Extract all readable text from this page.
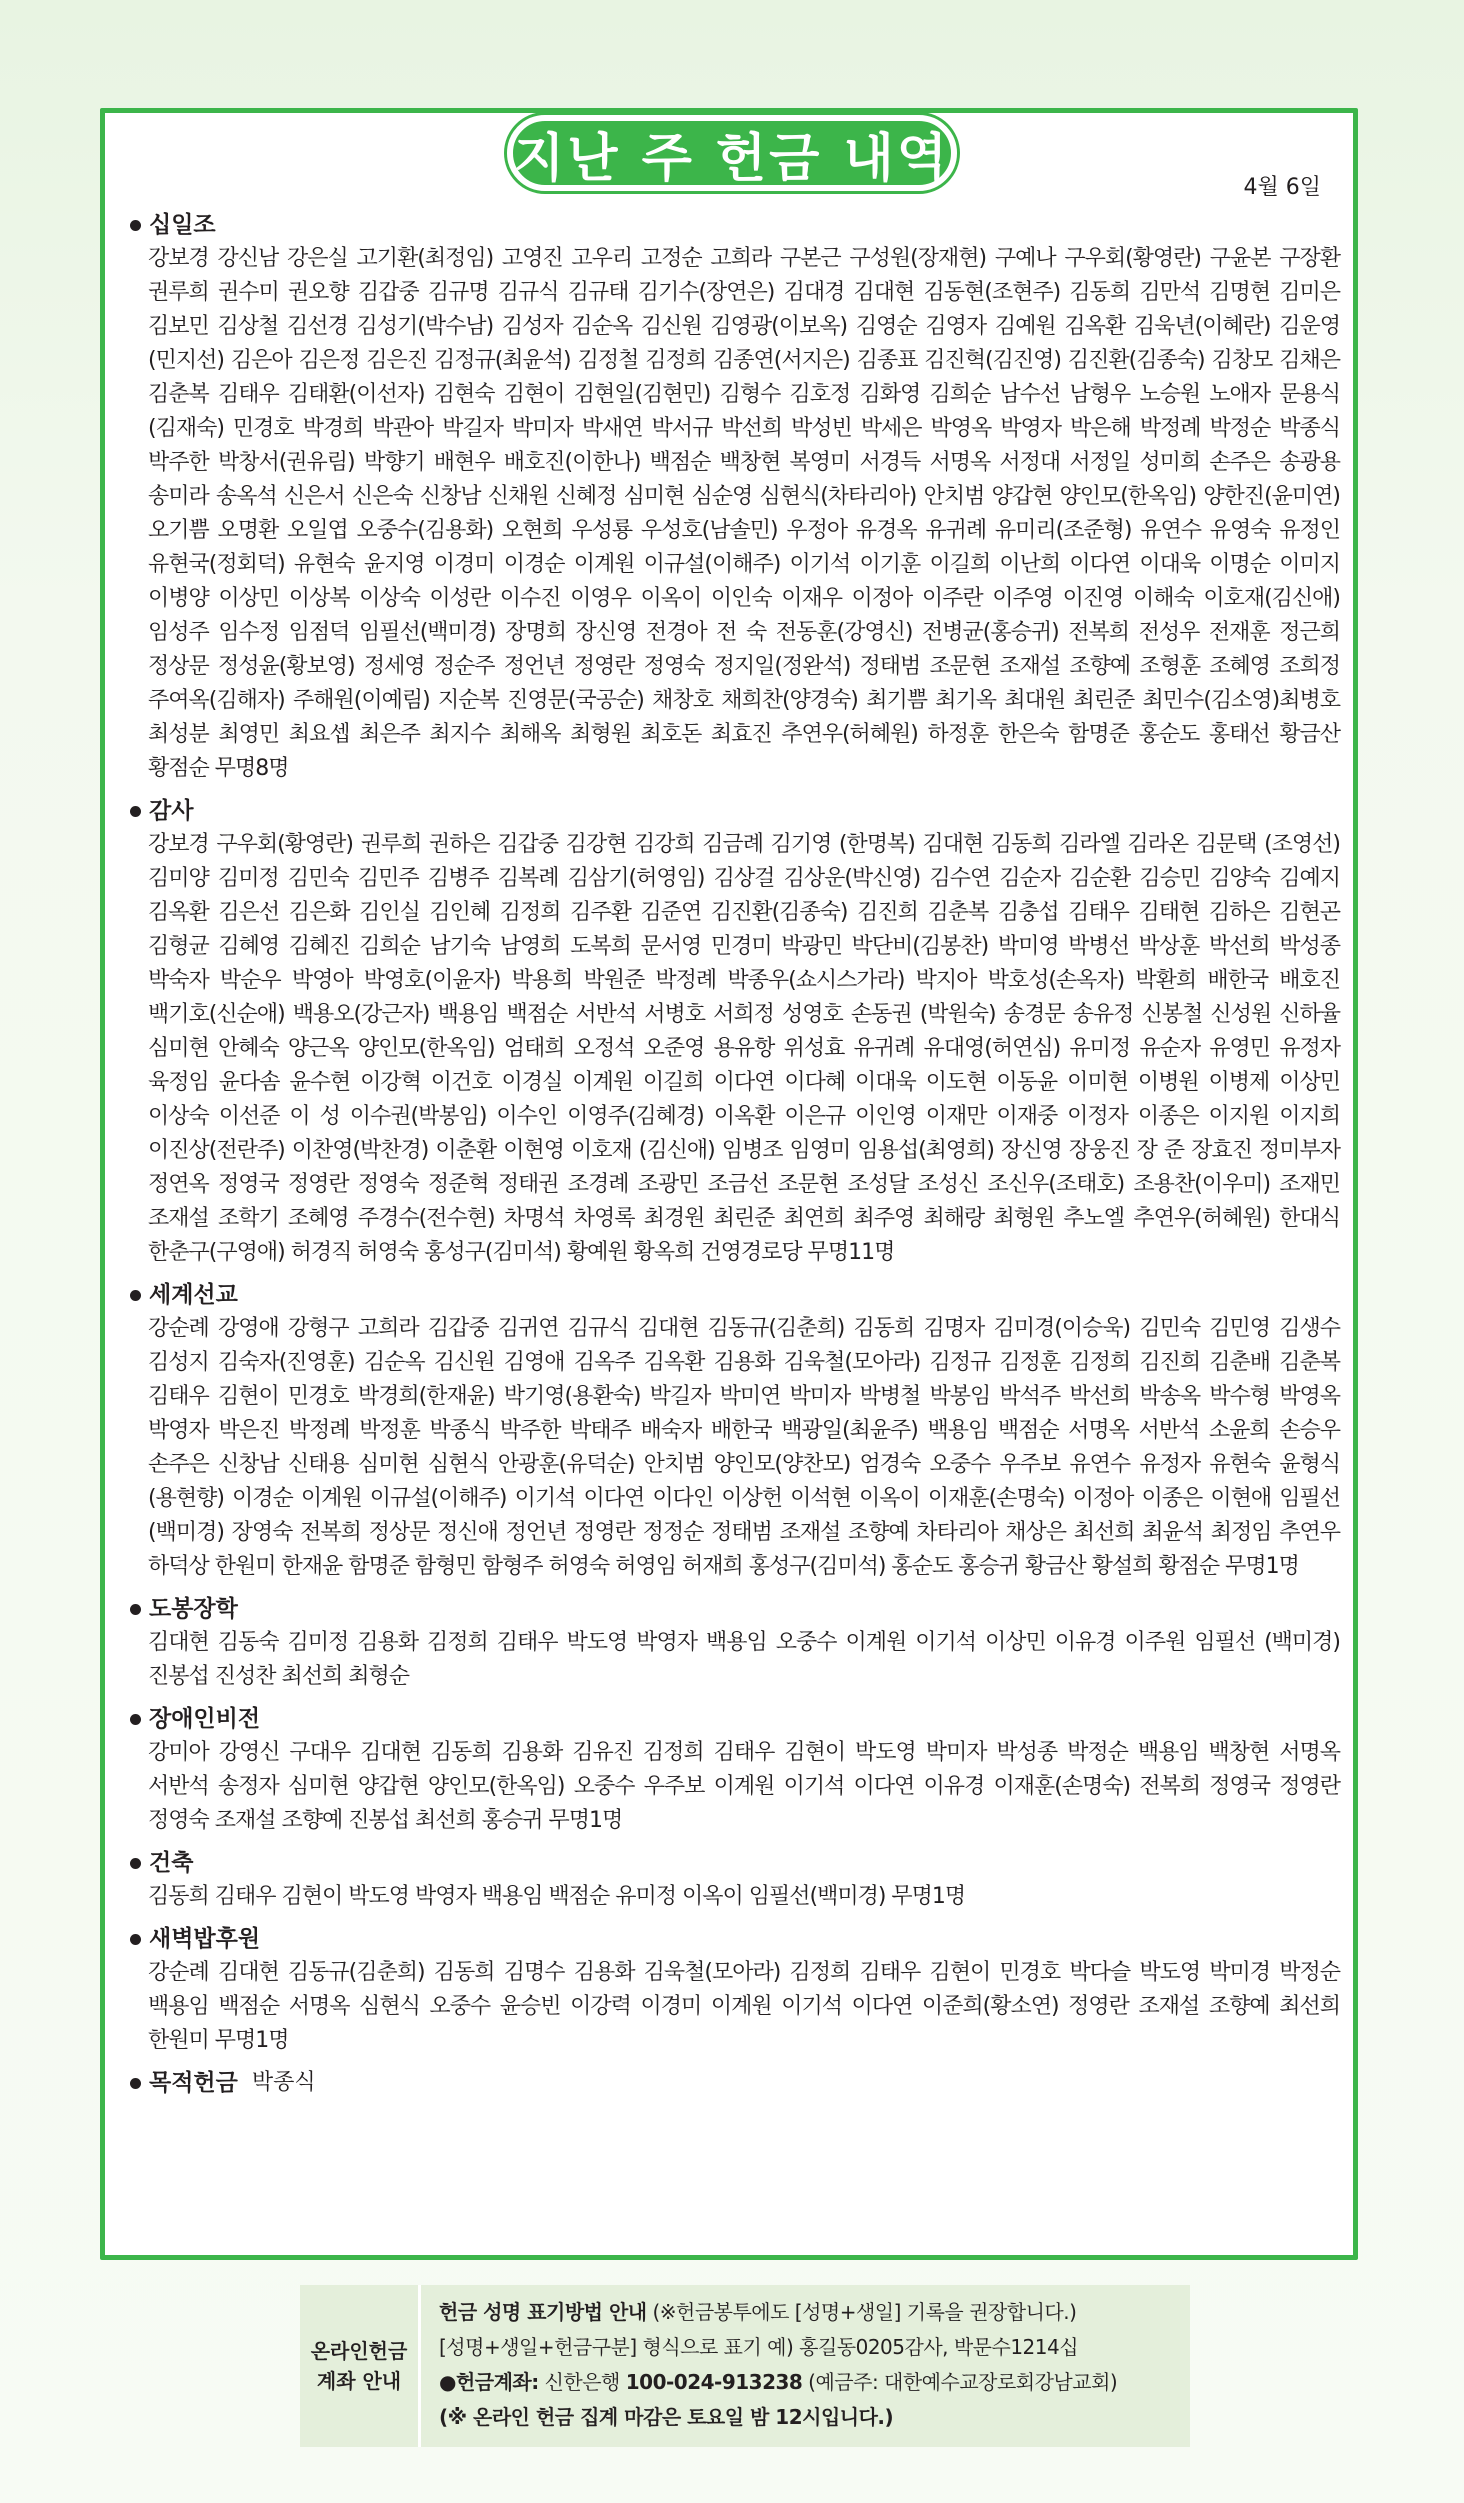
지난 주 헌금 내역	4월 6일
십일조
강보경 강신남 강은실 고기환(최정임) 고영진 고우리 고정순 고희라 구본근 구성원(장재현) 구예나 구우회(황영란) 구윤본 구장환 권루희 권수미 권오향 김갑중 김규명 김규식 김규태 김기수(장연은) 김대경 김대현 김동현(조현주) 김동희 김만석 김명현 김미은 김보민 김상철 김선경 김성기(박수남) 김성자 김순옥 김신원 김영광(이보옥) 김영순 김영자 김예원 김옥환 김욱년(이혜란) 김운영(민지선) 김은아 김은정 김은진 김정규(최윤석) 김정철 김정희 김종연(서지은) 김종표 김진혁(김진영) 김진환(김종숙) 김창모 김채은 김춘복 김태우 김태환(이선자) 김현숙 김현이 김현일(김현민) 김형수 김호정 김화영 김희순 남수선 남형우 노승원 노애자 문용식(김재숙) 민경호 박경희 박관아 박길자 박미자 박새연 박서규 박선희 박성빈 박세은 박영옥 박영자 박은해 박정례 박정순 박종식 박주한 박창서(권유림) 박향기 배현우 배호진(이한나) 백점순 백창현 복영미 서경득 서명옥 서정대 서정일 성미희 손주은 송광용 송미라 송옥석 신은서 신은숙 신창남 신채원 신혜정 심미현 심순영 심현식(차타리아) 안치범 양갑현 양인모(한옥임) 양한진(윤미연) 오기쁨 오명환 오일엽 오중수(김용화) 오현희 우성룡 우성호(남솔민) 우정아 유경옥 유귀례 유미리(조준형) 유연수 유영숙 유정인 유현국(정회덕) 유현숙 윤지영 이경미 이경순 이계원 이규설(이해주) 이기석 이기훈 이길희 이난희 이다연 이대욱 이명순 이미지 이병양 이상민 이상복 이상숙 이성란 이수진 이영우 이옥이 이인숙 이재우 이정아 이주란 이주영 이진영 이해숙 이호재(김신애) 임성주 임수정 임점덕 임필선(백미경) 장명희 장신영 전경아 전 숙 전동훈(강영신) 전병균(홍승귀) 전복희 전성우 전재훈 정근희 정상문 정성윤(황보영) 정세영 정순주 정언년 정영란 정영숙 정지일(정완석) 정태범 조문현 조재설 조향예 조형훈 조혜영 조희정 주여옥(김해자) 주해원(이예림) 지순복 진영문(국공순) 채창호 채희찬(양경숙) 최기쁨 최기옥 최대원 최린준 최민수(김소영)최병호 최성분 최영민 최요셉 최은주 최지수 최해옥 최형원 최호돈 최효진 추연우(허혜원) 하정훈 한은숙 함명준 홍순도 홍태선 황금산 황점순 무명8명
감사
강보경 구우회(황영란) 권루희 권하은 김갑중 김강현 김강희 김금례 김기영 (한명복) 김대현 김동희 김라엘 김라온 김문택 (조영선) 김미양 김미정 김민숙 김민주 김병주 김복례 김삼기(허영임) 김상걸 김상운(박신영) 김수연 김순자 김순환 김승민 김양숙 김예지 김옥환 김은선 김은화 김인실 김인혜 김정희 김주환 김준연 김진환(김종숙) 김진희 김춘복 김충섭 김태우 김태현 김하은 김현곤 김형균 김혜영 김혜진 김희순 남기숙 남영희 도복희 문서영 민경미 박광민 박단비(김봉찬) 박미영 박병선 박상훈 박선희 박성종 박숙자 박순우 박영아 박영호(이윤자) 박용희 박원준 박정례 박종우(쇼시스가라) 박지아 박호성(손옥자) 박환희 배한국 배호진 백기호(신순애) 백용오(강근자) 백용임 백점순 서반석 서병호 서희정 성영호 손동권 (박원숙) 송경문 송유정 신봉철 신성원 신하율 심미현 안혜숙 양근옥 양인모(한옥임) 엄태희 오정석 오준영 용유항 위성효 유귀례 유대영(허연심) 유미정 유순자 유영민 유정자 육정임 윤다솜 윤수현 이강혁 이건호 이경실 이계원 이길희 이다연 이다혜 이대욱 이도현 이동윤 이미현 이병원 이병제 이상민 이상숙 이선준 이 성 이수권(박봉임) 이수인 이영주(김혜경) 이옥환 이은규 이인영 이재만 이재중 이정자 이종은 이지원 이지희 이진상(전란주) 이찬영(박찬경) 이춘환 이현영 이호재 (김신애) 임병조 임영미 임용섭(최영희) 장신영 장웅진 장 준 장효진 정미부자 정연옥 정영국 정영란 정영숙 정준혁 정태권 조경례 조광민 조금선 조문현 조성달 조성신 조신우(조태호) 조용찬(이우미) 조재민 조재설 조학기 조혜영 주경수(전수현) 차명석 차영록 최경원 최린준 최연희 최주영 최해랑 최형원 추노엘 추연우(허혜원) 한대식 한춘구(구영애) 허경직 허영숙 홍성구(김미석) 황예원 황옥희 건영경로당 무명11명
세계선교
강순례 강영애 강형구 고희라 김갑중 김귀연 김규식 김대현 김동규(김춘희) 김동희 김명자 김미경(이승욱) 김민숙 김민영 김생수 김성지 김숙자(진영훈) 김순옥 김신원 김영애 김옥주 김옥환 김용화 김욱철(모아라) 김정규 김정훈 김정희 김진희 김춘배 김춘복 김태우 김현이 민경호 박경희(한재윤) 박기영(용환숙) 박길자 박미연 박미자 박병철 박봉임 박석주 박선희 박송옥 박수형 박영옥 박영자 박은진 박정례 박정훈 박종식 박주한 박태주 배숙자 배한국 백광일(최윤주) 백용임 백점순 서명옥 서반석 소윤희 손승우 손주은 신창남 신태용 심미현 심현식 안광훈(유덕순) 안치범 양인모(양찬모) 엄경숙 오중수 우주보 유연수 유정자 유현숙 윤형식(용현향) 이경순 이계원 이규설(이해주) 이기석 이다연 이다인 이상헌 이석현 이옥이 이재훈(손명숙) 이정아 이종은 이현애 임필선(백미경) 장영숙 전복희 정상문 정신애 정언년 정영란 정정순 정태범 조재설 조향예 차타리아 채상은 최선희 최윤석 최정임 추연우 하덕상 한원미 한재윤 함명준 함형민 함형주 허영숙 허영임 허재희 홍성구(김미석) 홍순도 홍승귀 황금산 황설희 황점순 무명1명
도봉장학
김대현 김동숙 김미정 김용화 김정희 김태우 박도영 박영자 백용임 오중수 이계원 이기석 이상민 이유경 이주원 임필선 (백미경) 진봉섭 진성찬 최선희 최형순
장애인비전
강미아 강영신 구대우 김대현 김동희 김용화 김유진 김정희 김태우 김현이 박도영 박미자 박성종 박정순 백용임 백창현 서명옥 서반석 송정자 심미현 양갑현 양인모(한옥임) 오중수 우주보 이계원 이기석 이다연 이유경 이재훈(손명숙) 전복희 정영국 정영란 정영숙 조재설 조향예 진봉섭 최선희 홍승귀 무명1명
건축
김동희 김태우 김현이 박도영 박영자 백용임 백점순 유미정 이옥이 임필선(백미경) 무명1명
새벽밥후원
강순례 김대현 김동규(김춘희) 김동희 김명수 김용화 김욱철(모아라) 김정희 김태우 김현이 민경호 박다슬 박도영 박미경 박정순 백용임 백점순 서명옥 심현식 오중수 윤승빈 이강력 이경미 이계원 이기석 이다연 이준희(황소연) 정영란 조재설 조향예 최선희 한원미 무명1명
목적헌금 박종식
온라인헌금
계좌 안내
헌금 성명 표기방법 안내 (※헌금봉투에도 [성명+생일] 기록을 권장합니다.)
[성명+생일+헌금구분] 형식으로 표기 예) 홍길동0205감사, 박문수1214십
●헌금계좌: 신한은행 100-024-913238 (예금주: 대한예수교장로회강남교회)
(※ 온라인 헌금 집계 마감은 토요일 밤 12시입니다.)
